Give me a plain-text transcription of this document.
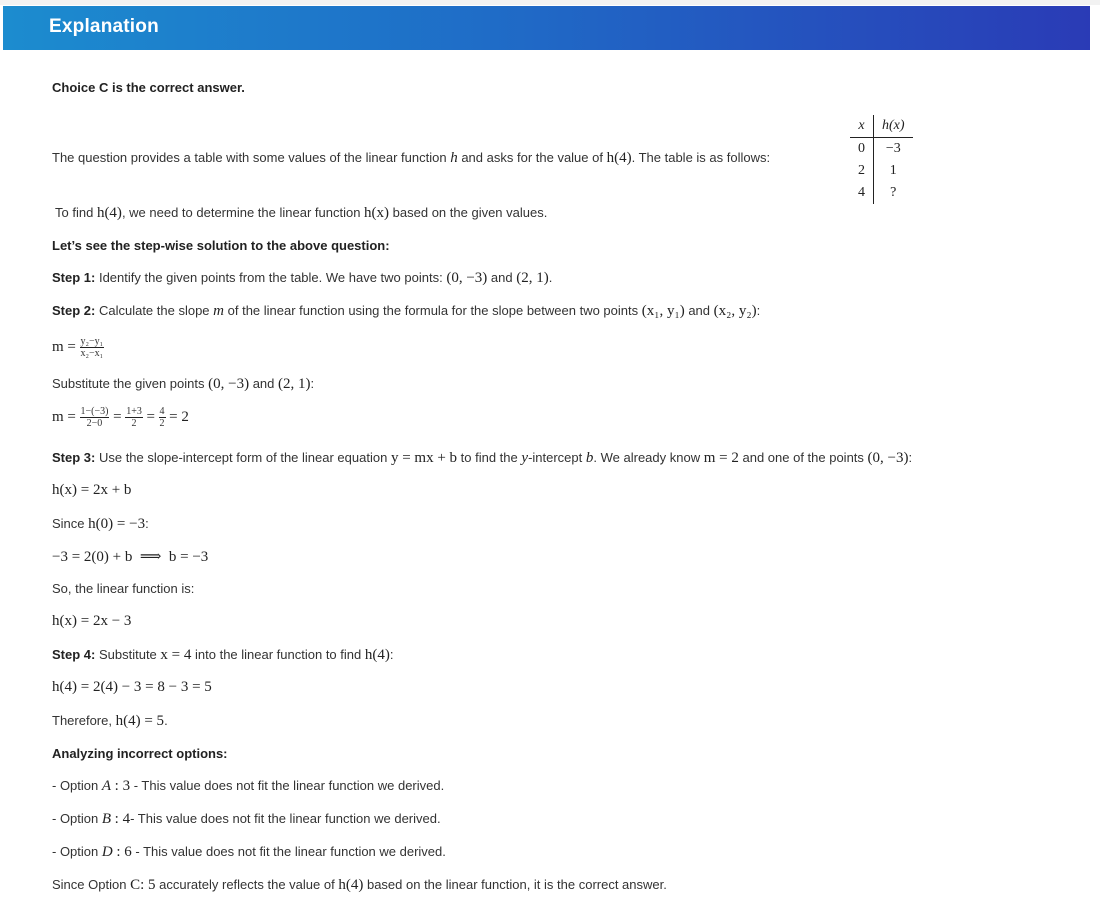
Explanation
Choice C is the correct answer.
The question provides a table with some values of the linear function h and asks for the value of h(4). The table is as follows:
x	h(x)
0	−3
2	1
4	?
To find h(4), we need to determine the linear function h(x) based on the given values.
Let’s see the step-wise solution to the above question:
Step 1: Identify the given points from the table. We have two points: (0, −3) and (2, 1).
Step 2: Calculate the slope m of the linear function using the formula for the slope between two points (x₁, y₁) and (x₂, y₂):
$m = \frac{\text{y₂−y₁}}{\text{x₂−x₁}}$
Substitute the given points (0, −3) and (2, 1):
$m = \frac{1-(-3)}{2-0} = \frac{1+3}{2} = \frac{4}{2} = 2$
Step 3: Use the slope-intercept form of the linear equation y = mx + b to find the y-intercept b. We already know m = 2 and one of the points (0, −3):
h(x) = 2x + b
Since h(0) = −3:
−3 = 2(0) + b  ⟹  b = −3
So, the linear function is:
h(x) = 2x − 3
Step 4: Substitute x = 4 into the linear function to find h(4):
h(4) = 2(4) − 3 = 8 − 3 = 5
Therefore, h(4) = 5.
Analyzing incorrect options:
- Option A : 3 - This value does not fit the linear function we derived.
- Option B : 4- This value does not fit the linear function we derived.
- Option D : 6 - This value does not fit the linear function we derived.
Since Option C: 5 accurately reflects the value of h(4) based on the linear function, it is the correct answer.
